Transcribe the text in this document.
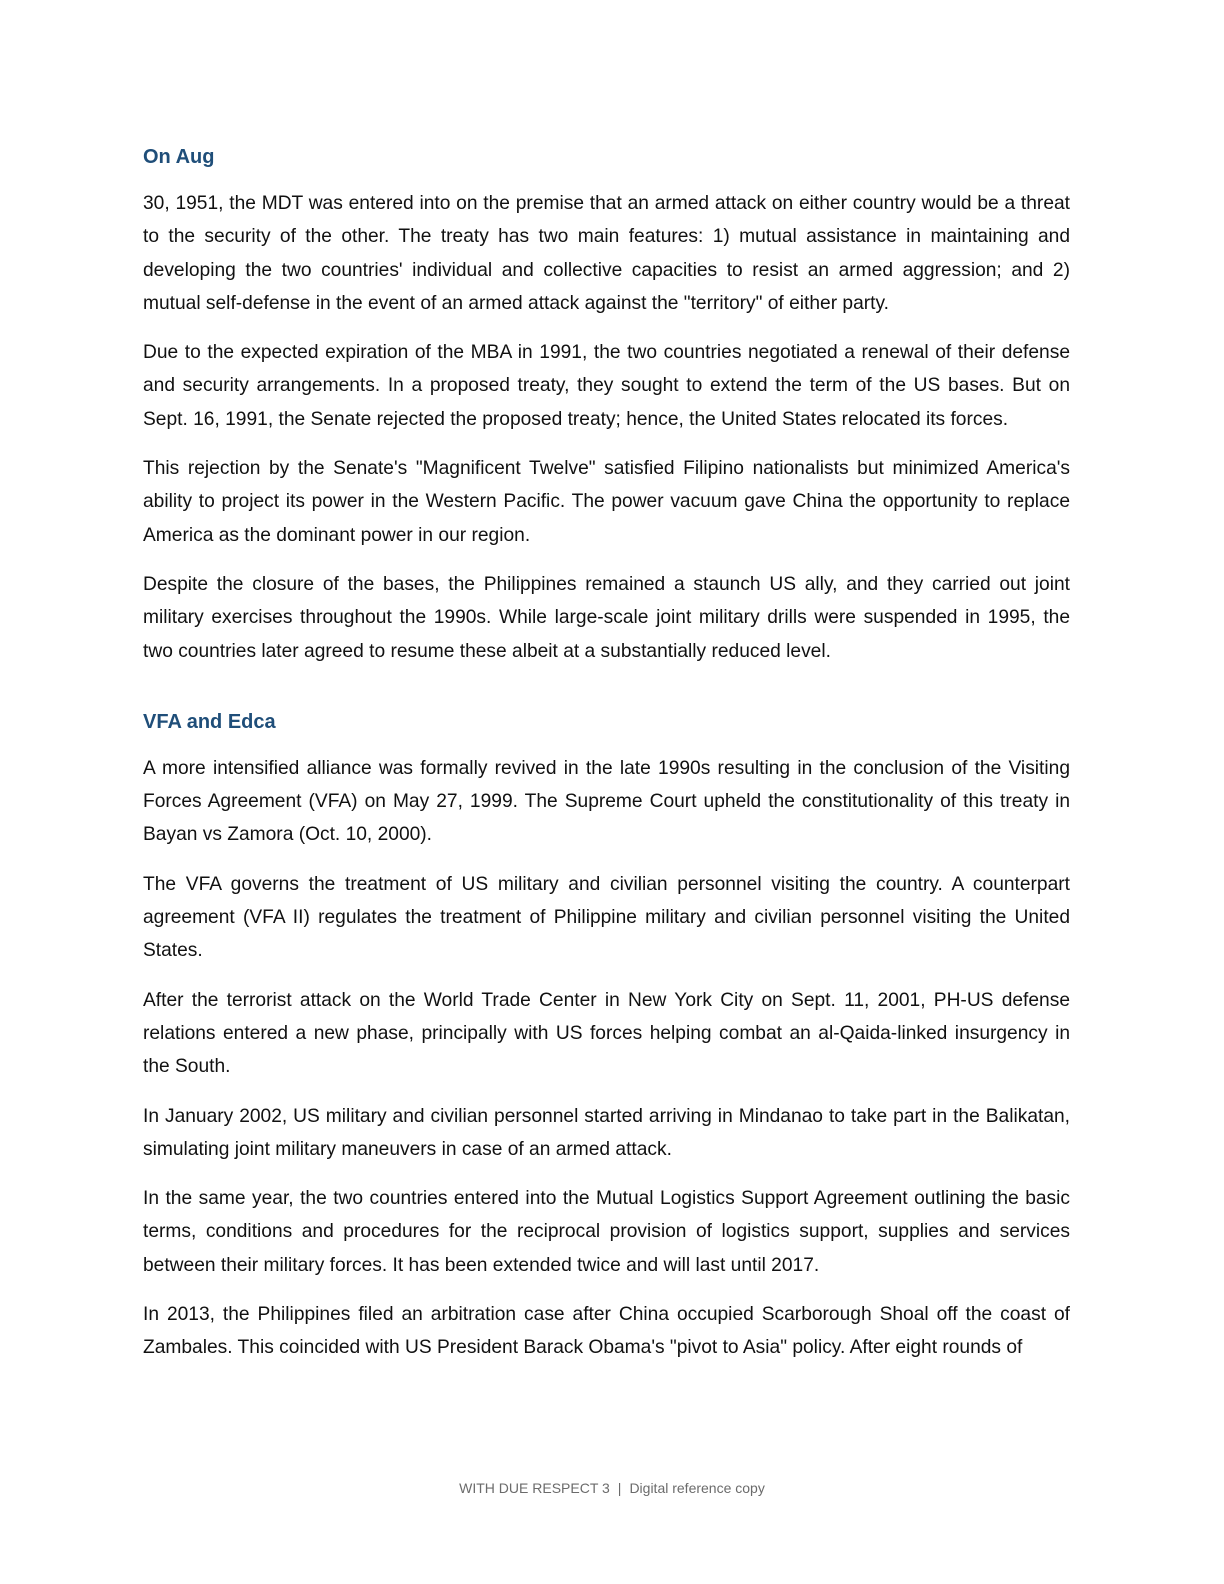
On Aug

30, 1951, the MDT was entered into on the premise that an armed attack on either country would be a threat to the security of the other. The treaty has two main features: 1) mutual assistance in maintaining and developing the two countries' individual and collective capacities to resist an armed aggression; and 2) mutual self-defense in the event of an armed attack against the "territory" of either party.

Due to the expected expiration of the MBA in 1991, the two countries negotiated a renewal of their defense and security arrangements. In a proposed treaty, they sought to extend the term of the US bases. But on Sept. 16, 1991, the Senate rejected the proposed treaty; hence, the United States relocated its forces.

This rejection by the Senate's "Magnificent Twelve" satisfied Filipino nationalists but minimized America's ability to project its power in the Western Pacific. The power vacuum gave China the opportunity to replace America as the dominant power in our region.

Despite the closure of the bases, the Philippines remained a staunch US ally, and they carried out joint military exercises throughout the 1990s. While large-scale joint military drills were suspended in 1995, the two countries later agreed to resume these albeit at a substantially reduced level.

VFA and Edca

A more intensified alliance was formally revived in the late 1990s resulting in the conclusion of the Visiting Forces Agreement (VFA) on May 27, 1999. The Supreme Court upheld the constitutionality of this treaty in Bayan vs Zamora (Oct. 10, 2000).

The VFA governs the treatment of US military and civilian personnel visiting the country. A counterpart agreement (VFA II) regulates the treatment of Philippine military and civilian personnel visiting the United States.

After the terrorist attack on the World Trade Center in New York City on Sept. 11, 2001, PH-US defense relations entered a new phase, principally with US forces helping combat an al-Qaida-linked insurgency in the South.

In January 2002, US military and civilian personnel started arriving in Mindanao to take part in the Balikatan, simulating joint military maneuvers in case of an armed attack.

In the same year, the two countries entered into the Mutual Logistics Support Agreement outlining the basic terms, conditions and procedures for the reciprocal provision of logistics support, supplies and services between their military forces. It has been extended twice and will last until 2017.

In 2013, the Philippines filed an arbitration case after China occupied Scarborough Shoal off the coast of Zambales. This coincided with US President Barack Obama's "pivot to Asia" policy. After eight rounds of

WITH DUE RESPECT 3 | Digital reference copy
